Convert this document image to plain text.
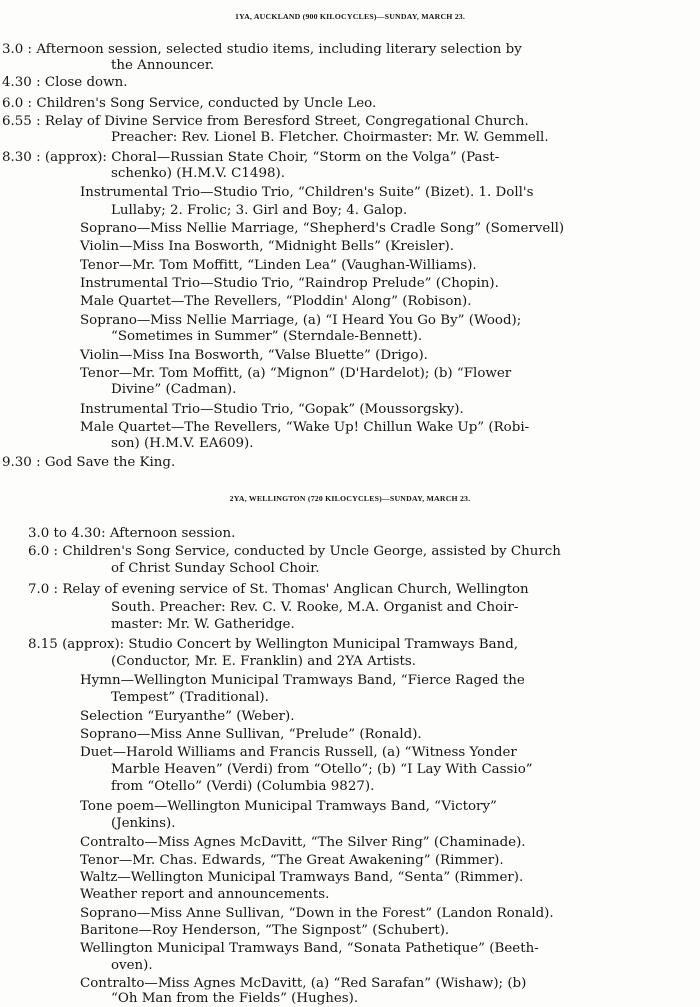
1YA, AUCKLAND (900 KILOCYCLES)—SUNDAY, MARCH 23.
3.0 : Afternoon session, selected studio items, including literary selection by
the Announcer.
4.30 : Close down.
6.0 : Children's Song Service, conducted by Uncle Leo.
6.55 : Relay of Divine Service from Beresford Street, Congregational Church.
Preacher: Rev. Lionel B. Fletcher. Choirmaster: Mr. W. Gemmell.
8.30 : (approx): Choral—Russian State Choir, “Storm on the Volga” (Past-
schenko) (H.M.V. C1498).
Instrumental Trio—Studio Trio, “Children's Suite” (Bizet). 1. Doll's
Lullaby; 2. Frolic; 3. Girl and Boy; 4. Galop.
Soprano—Miss Nellie Marriage, “Shepherd's Cradle Song” (Somervell)
Violin—Miss Ina Bosworth, “Midnight Bells” (Kreisler).
Tenor—Mr. Tom Moffitt, “Linden Lea” (Vaughan-Williams).
Instrumental Trio—Studio Trio, “Raindrop Prelude” (Chopin).
Male Quartet—The Revellers, “Ploddin' Along” (Robison).
Soprano—Miss Nellie Marriage, (a) “I Heard You Go By” (Wood);
“Sometimes in Summer” (Sterndale-Bennett).
Violin—Miss Ina Bosworth, “Valse Bluette” (Drigo).
Tenor—Mr. Tom Moffitt, (a) “Mignon” (D'Hardelot); (b) “Flower
Divine” (Cadman).
Instrumental Trio—Studio Trio, “Gopak” (Moussorgsky).
Male Quartet—The Revellers, “Wake Up! Chillun Wake Up” (Robi-
son) (H.M.V. EA609).
9.30 : God Save the King.
2YA, WELLINGTON (720 KILOCYCLES)—SUNDAY, MARCH 23.
3.0 to 4.30: Afternoon session.
6.0 : Children's Song Service, conducted by Uncle George, assisted by Church
of Christ Sunday School Choir.
7.0 : Relay of evening service of St. Thomas' Anglican Church, Wellington
South. Preacher: Rev. C. V. Rooke, M.A. Organist and Choir-
master: Mr. W. Gatheridge.
8.15 (approx): Studio Concert by Wellington Municipal Tramways Band,
(Conductor, Mr. E. Franklin) and 2YA Artists.
Hymn—Wellington Municipal Tramways Band, “Fierce Raged the
Tempest” (Traditional).
Selection “Euryanthe” (Weber).
Soprano—Miss Anne Sullivan, “Prelude” (Ronald).
Duet—Harold Williams and Francis Russell, (a) “Witness Yonder
Marble Heaven” (Verdi) from “Otello”; (b) “I Lay With Cassio”
from “Otello” (Verdi) (Columbia 9827).
Tone poem—Wellington Municipal Tramways Band, “Victory”
(Jenkins).
Contralto—Miss Agnes McDavitt, “The Silver Ring” (Chaminade).
Tenor—Mr. Chas. Edwards, “The Great Awakening” (Rimmer).
Waltz—Wellington Municipal Tramways Band, “Senta” (Rimmer).
Weather report and announcements.
Soprano—Miss Anne Sullivan, “Down in the Forest” (Landon Ronald).
Baritone—Roy Henderson, “The Signpost” (Schubert).
Wellington Municipal Tramways Band, “Sonata Pathetique” (Beeth-
oven).
Contralto—Miss Agnes McDavitt, (a) “Red Sarafan” (Wishaw); (b)
“Oh Man from the Fields” (Hughes).
